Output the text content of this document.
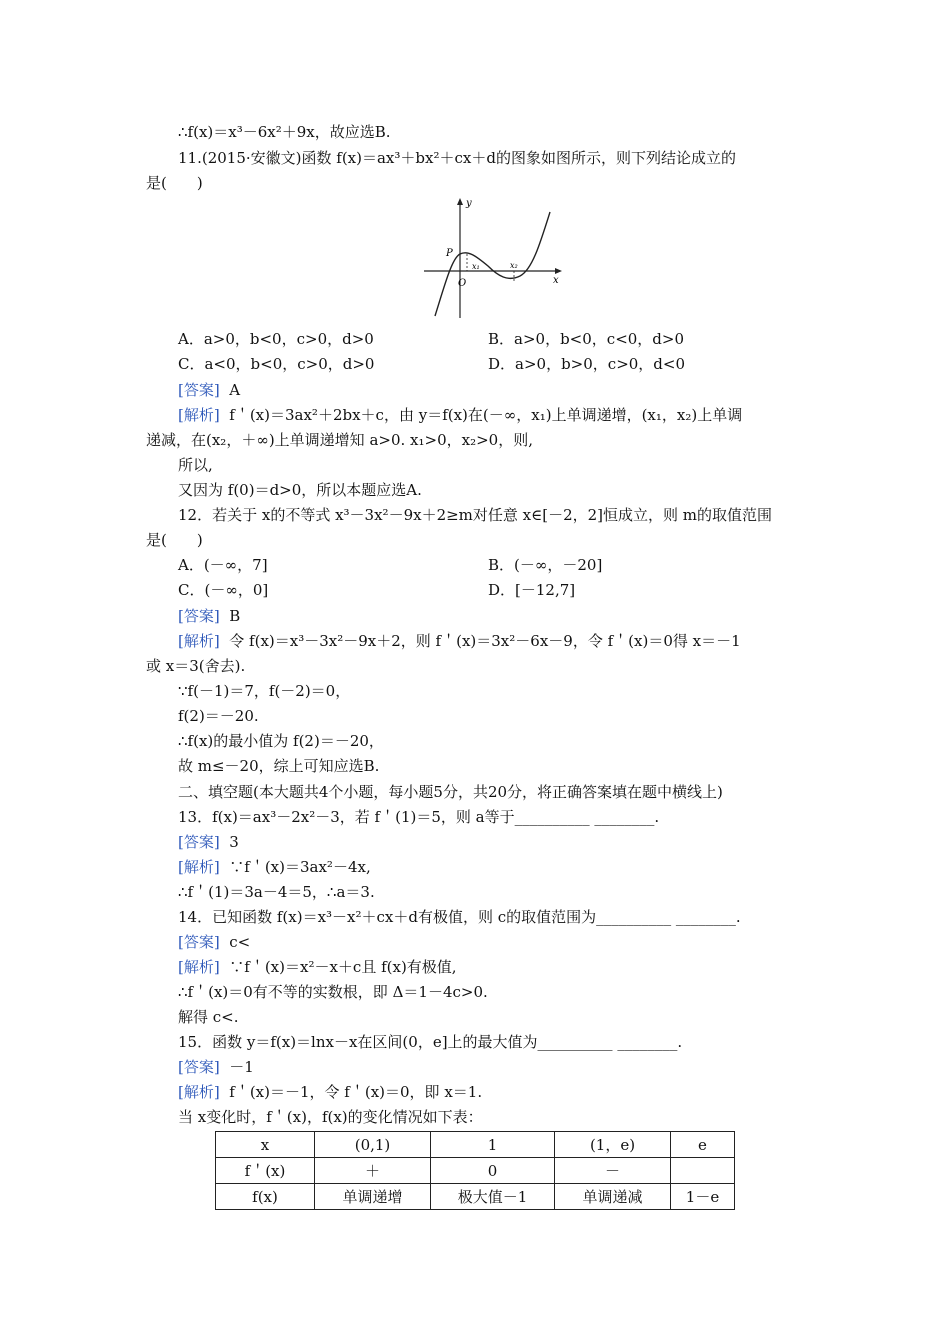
∴f(x)＝x³－6x²＋9x，故应选B.
11.(2015·安徽文)函数 f(x)＝ax³＋bx²＋cx＋d的图象如图所示，则下列结论成立的
是(　　)
y
x
P
O
x₁	x₂
A．a>0，b<0，c>0，d>0	B．a>0，b<0，c<0，d>0
C．a<0，b<0，c>0，d>0	D．a>0，b>0，c>0，d<0
[答案] A
[解析] f＇(x)＝3ax²＋2bx＋c，由 y＝f(x)在(－∞，x₁)上单调递增，(x₁，x₂)上单调
递减，在(x₂，＋∞)上单调递增知 a>0. x₁>0，x₂>0，则,
所以,
又因为 f(0)＝d>0，所以本题应选A.
12．若关于 x的不等式 x³－3x²－9x＋2≥m对任意 x∈[－2，2]恒成立，则 m的取值范围
是(　　)
A．(－∞，7]	B．(－∞，－20]
C．(－∞，0]	D．[－12,7]
[答案] B
[解析] 令 f(x)＝x³－3x²－9x＋2，则 f＇(x)＝3x²－6x－9，令 f＇(x)＝0得 x＝－1
或 x＝3(舍去).
∵f(－1)＝7，f(－2)＝0，
f(2)＝－20.
∴f(x)的最小值为 f(2)＝－20，
故 m≤－20，综上可知应选B.
二、填空题(本大题共4个小题，每小题5分，共20分，将正确答案填在题中横线上)
13．f(x)＝ax³－2x²－3，若 f＇(1)＝5，则 a等于__________ ________.
[答案] 3
[解析] ∵f＇(x)＝3ax²－4x,
∴f＇(1)＝3a－4＝5，∴a＝3.
14．已知函数 f(x)＝x³－x²＋cx＋d有极值，则 c的取值范围为__________ ________.
[答案] c<
[解析] ∵f＇(x)＝x²－x＋c且 f(x)有极值,
∴f＇(x)＝0有不等的实数根，即 Δ＝1－4c>0.
解得 c<.
15．函数 y＝f(x)＝lnx－x在区间(0，e]上的最大值为__________ ________.
[答案] －1
[解析] f＇(x)＝－1，令 f＇(x)＝0，即 x＝1.
当 x变化时，f＇(x)，f(x)的变化情况如下表：
x	(0,1)	1	(1，e)	e
f＇(x)	＋	0	－	
f(x)	单调递增	极大值－1	单调递减	1－e
